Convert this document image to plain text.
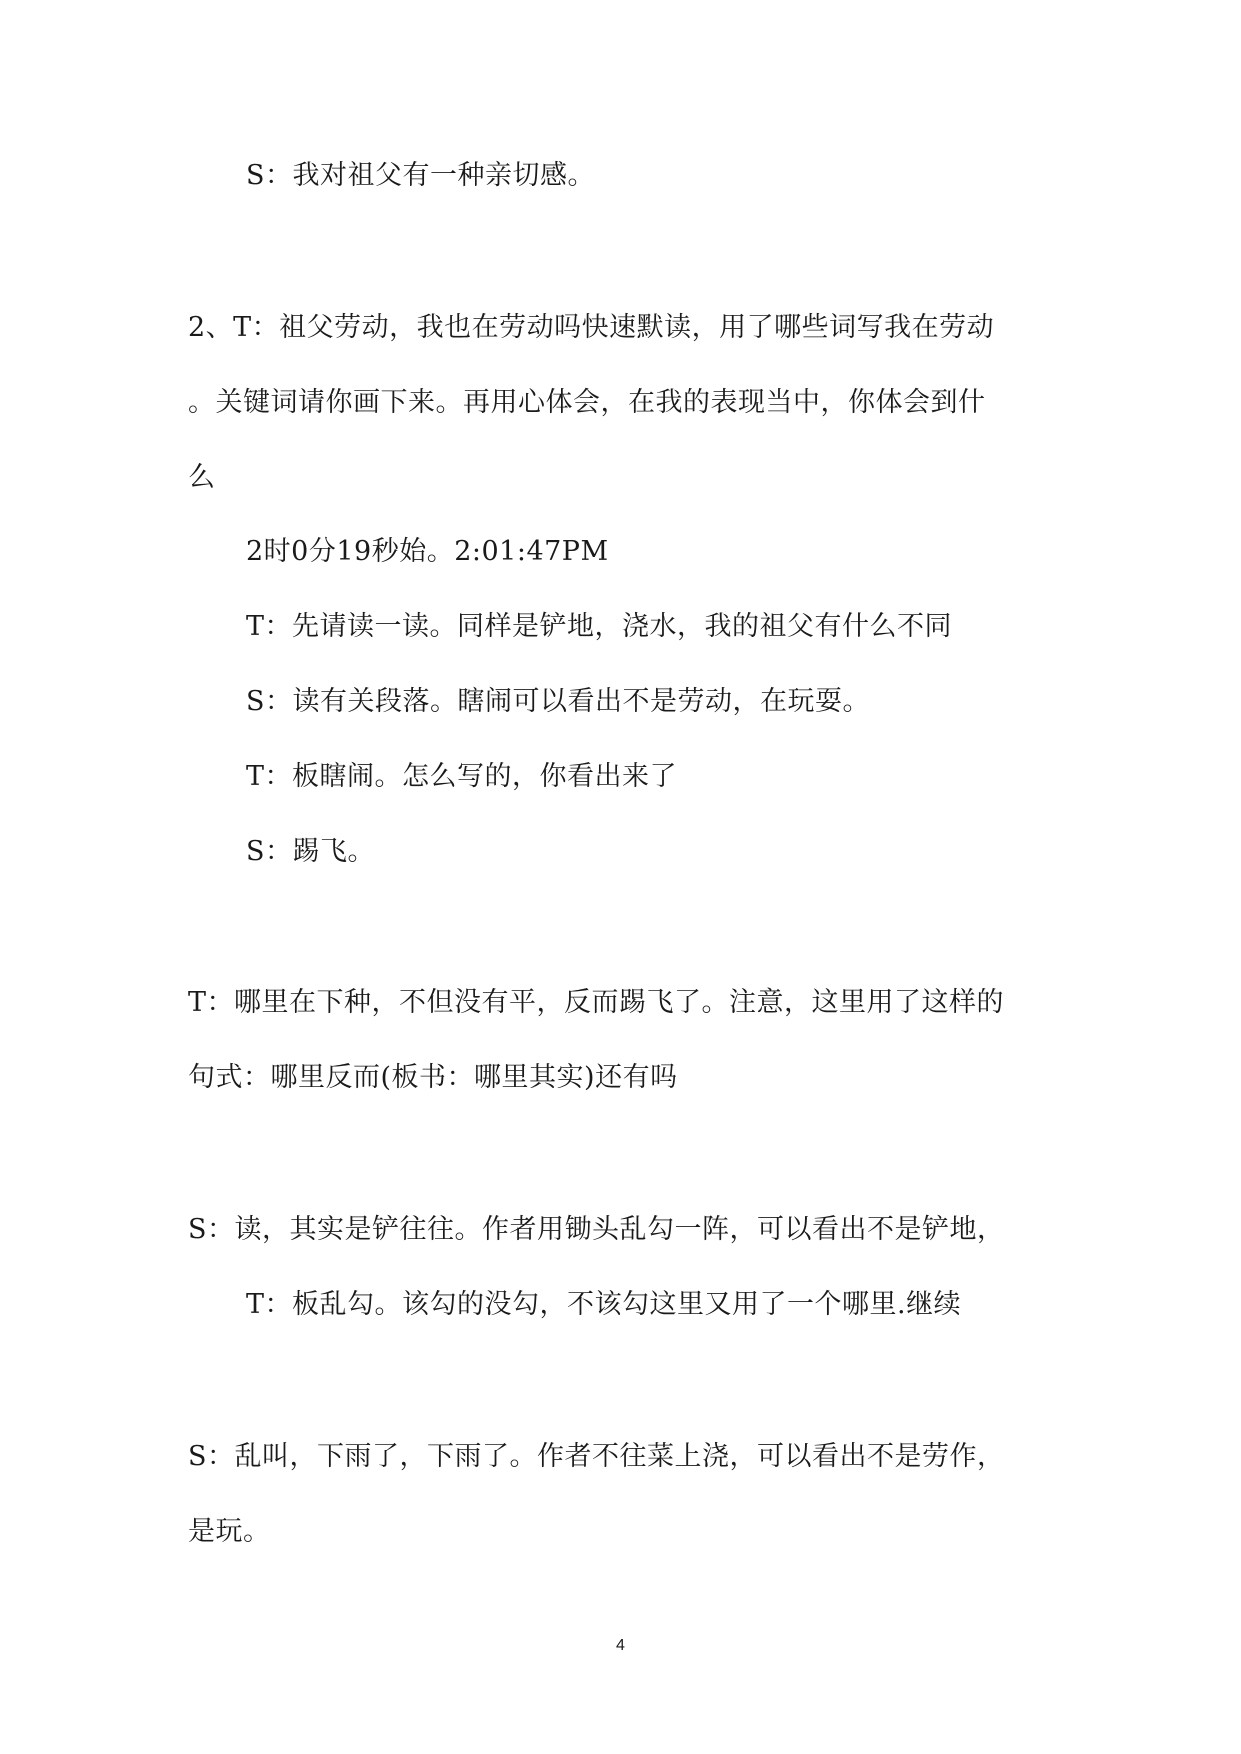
S：我对祖父有一种亲切感。
2、T：祖父劳动，我也在劳动吗快速默读，用了哪些词写我在劳动
。关键词请你画下来。再用心体会，在我的表现当中，你体会到什
么
2时0分19秒始。2:01:47PM
T：先请读一读。同样是铲地，浇水，我的祖父有什么不同
S：读有关段落。瞎闹可以看出不是劳动，在玩耍。
T：板瞎闹。怎么写的，你看出来了
S：踢飞。
T：哪里在下种，不但没有平，反而踢飞了。注意，这里用了这样的
句式：哪里反而(板书：哪里其实)还有吗
S：读，其实是铲往往。作者用锄头乱勾一阵，可以看出不是铲地，
T：板乱勾。该勾的没勾，不该勾这里又用了一个哪里.继续
S：乱叫，下雨了，下雨了。作者不往菜上浇，可以看出不是劳作，
是玩。
4
